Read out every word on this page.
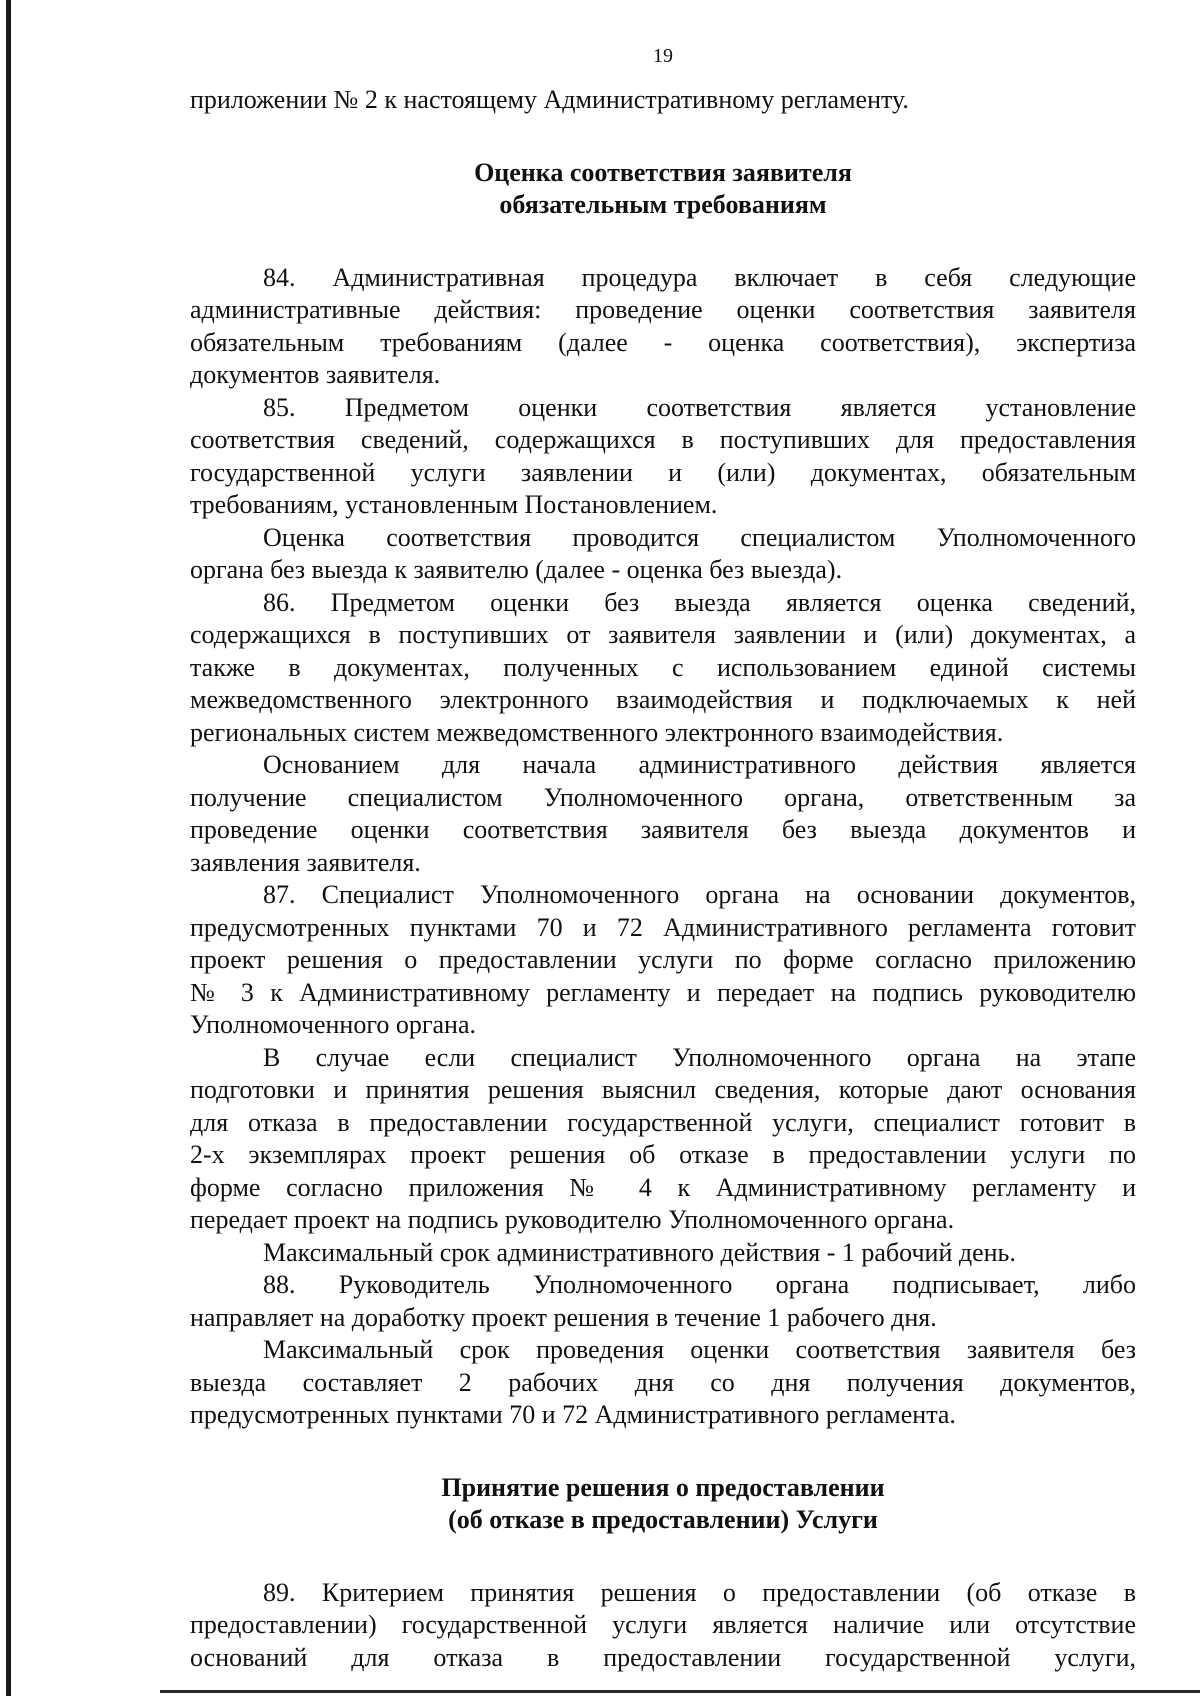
19
приложении № 2 к настоящему Административному регламенту.
Оценка соответствия заявителя
обязательным требованиям
84. Административная процедура включает в себя следующие
административные действия: проведение оценки соответствия заявителя
обязательным требованиям (далее - оценка соответствия), экспертиза
документов заявителя.
85. Предметом оценки соответствия является установление
соответствия сведений, содержащихся в поступивших для предоставления
государственной услуги заявлении и (или) документах, обязательным
требованиям, установленным Постановлением.
Оценка соответствия проводится специалистом Уполномоченного
органа без выезда к заявителю (далее - оценка без выезда).
86. Предметом оценки без выезда является оценка сведений,
содержащихся в поступивших от заявителя заявлении и (или) документах, а
также в документах, полученных с использованием единой системы
межведомственного электронного взаимодействия и подключаемых к ней
региональных систем межведомственного электронного взаимодействия.
Основанием для начала административного действия является
получение специалистом Уполномоченного органа, ответственным за
проведение оценки соответствия заявителя без выезда документов и
заявления заявителя.
87. Специалист Уполномоченного органа на основании документов,
предусмотренных пунктами 70 и 72 Административного регламента готовит
проект решения о предоставлении услуги по форме согласно приложению
№ 3 к Административному регламенту и передает на подпись руководителю
Уполномоченного органа.
В случае если специалист Уполномоченного органа на этапе
подготовки и принятия решения выяснил сведения, которые дают основания
для отказа в предоставлении государственной услуги, специалист готовит в
2-х экземплярах проект решения об отказе в предоставлении услуги по
форме согласно приложения № 4 к Административному регламенту и
передает проект на подпись руководителю Уполномоченного органа.
Максимальный срок административного действия - 1 рабочий день.
88. Руководитель Уполномоченного органа подписывает, либо
направляет на доработку проект решения в течение 1 рабочего дня.
Максимальный срок проведения оценки соответствия заявителя без
выезда составляет 2 рабочих дня со дня получения документов,
предусмотренных пунктами 70 и 72 Административного регламента.
Принятие решения о предоставлении
(об отказе в предоставлении) Услуги
89. Критерием принятия решения о предоставлении (об отказе в
предоставлении) государственной услуги является наличие или отсутствие
оснований для отказа в предоставлении государственной услуги,
